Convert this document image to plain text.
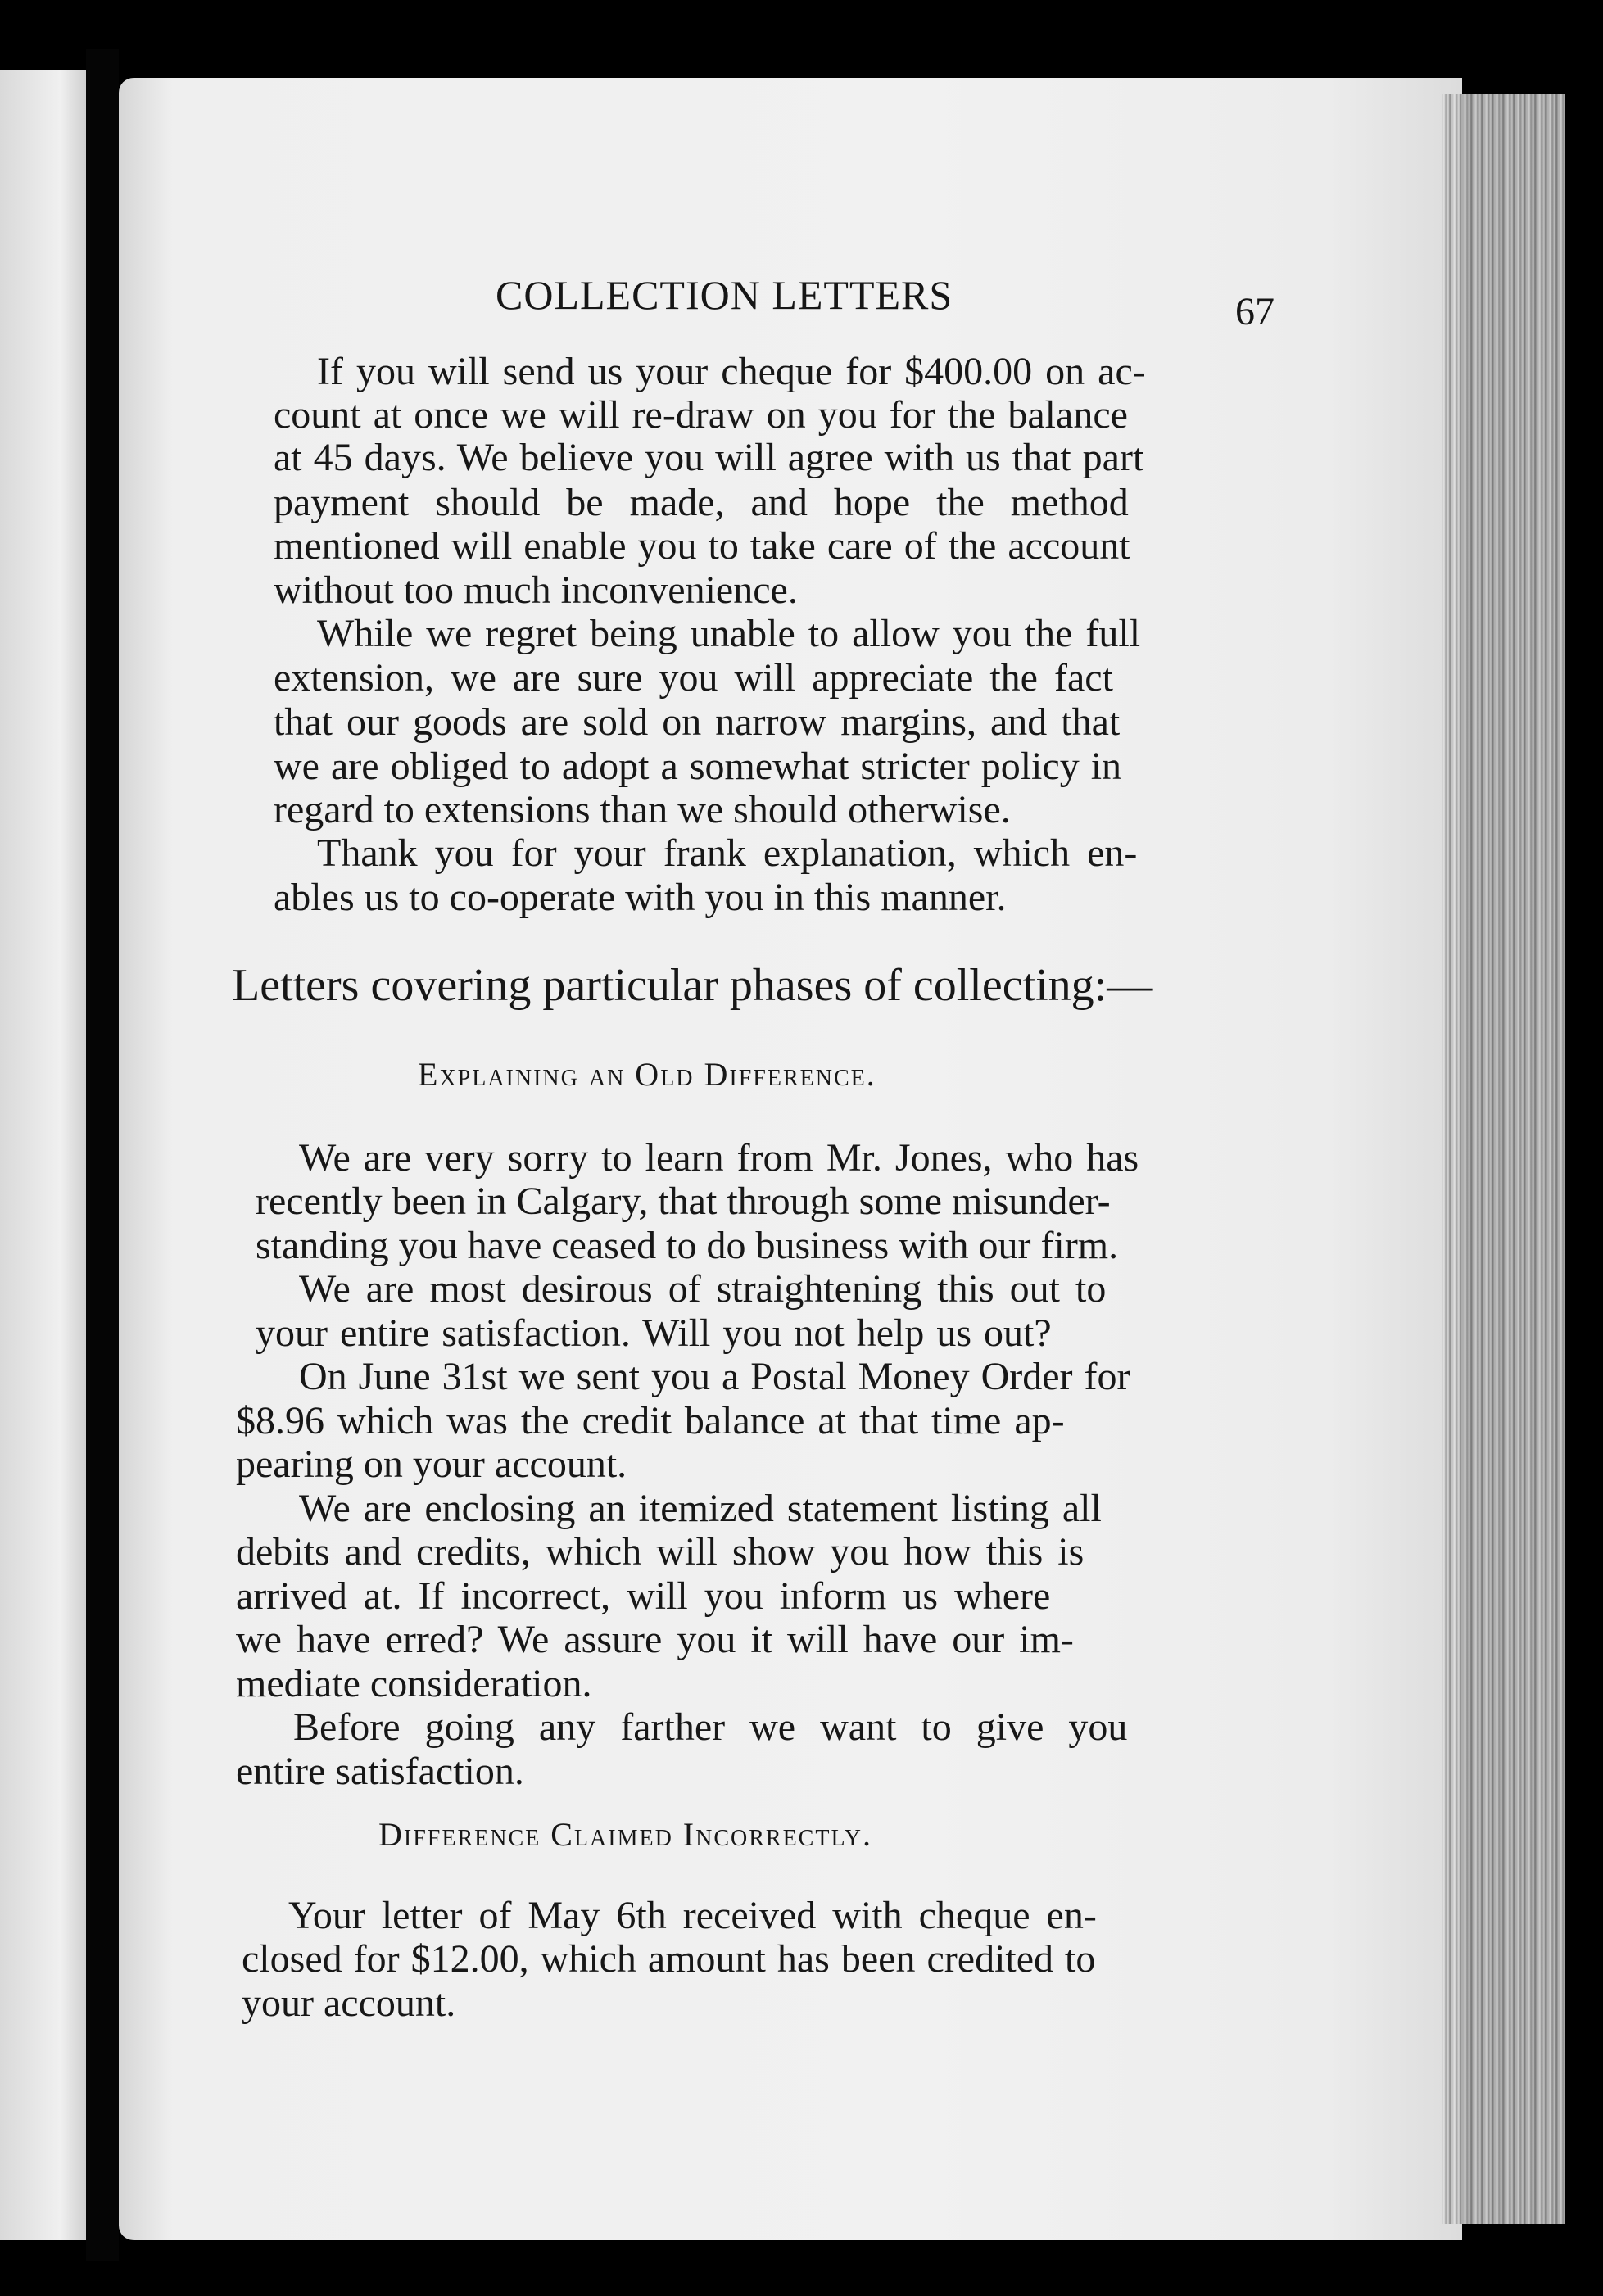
COLLECTION LETTERS	67
If you will send us your cheque for $400.00 on ac-
count at once we will re-draw on you for the balance
at 45 days. We believe you will agree with us that part
payment should be made, and hope the method
mentioned will enable you to take care of the account
without too much inconvenience.
While we regret being unable to allow you the full
extension, we are sure you will appreciate the fact
that our goods are sold on narrow margins, and that
we are obliged to adopt a somewhat stricter policy in
regard to extensions than we should otherwise.
Thank you for your frank explanation, which en-
ables us to co-operate with you in this manner.
Letters covering particular phases of collecting:—
Explaining an Old Difference.
We are very sorry to learn from Mr. Jones, who has
recently been in Calgary, that through some misunder-
standing you have ceased to do business with our firm.
We are most desirous of straightening this out to
your entire satisfaction. Will you not help us out?
On June 31st we sent you a Postal Money Order for
$8.96 which was the credit balance at that time ap-
pearing on your account.
We are enclosing an itemized statement listing all
debits and credits, which will show you how this is
arrived at. If incorrect, will you inform us where
we have erred? We assure you it will have our im-
mediate consideration.
Before going any farther we want to give you
entire satisfaction.
Difference Claimed Incorrectly.
Your letter of May 6th received with cheque en-
closed for $12.00, which amount has been credited to
your account.
